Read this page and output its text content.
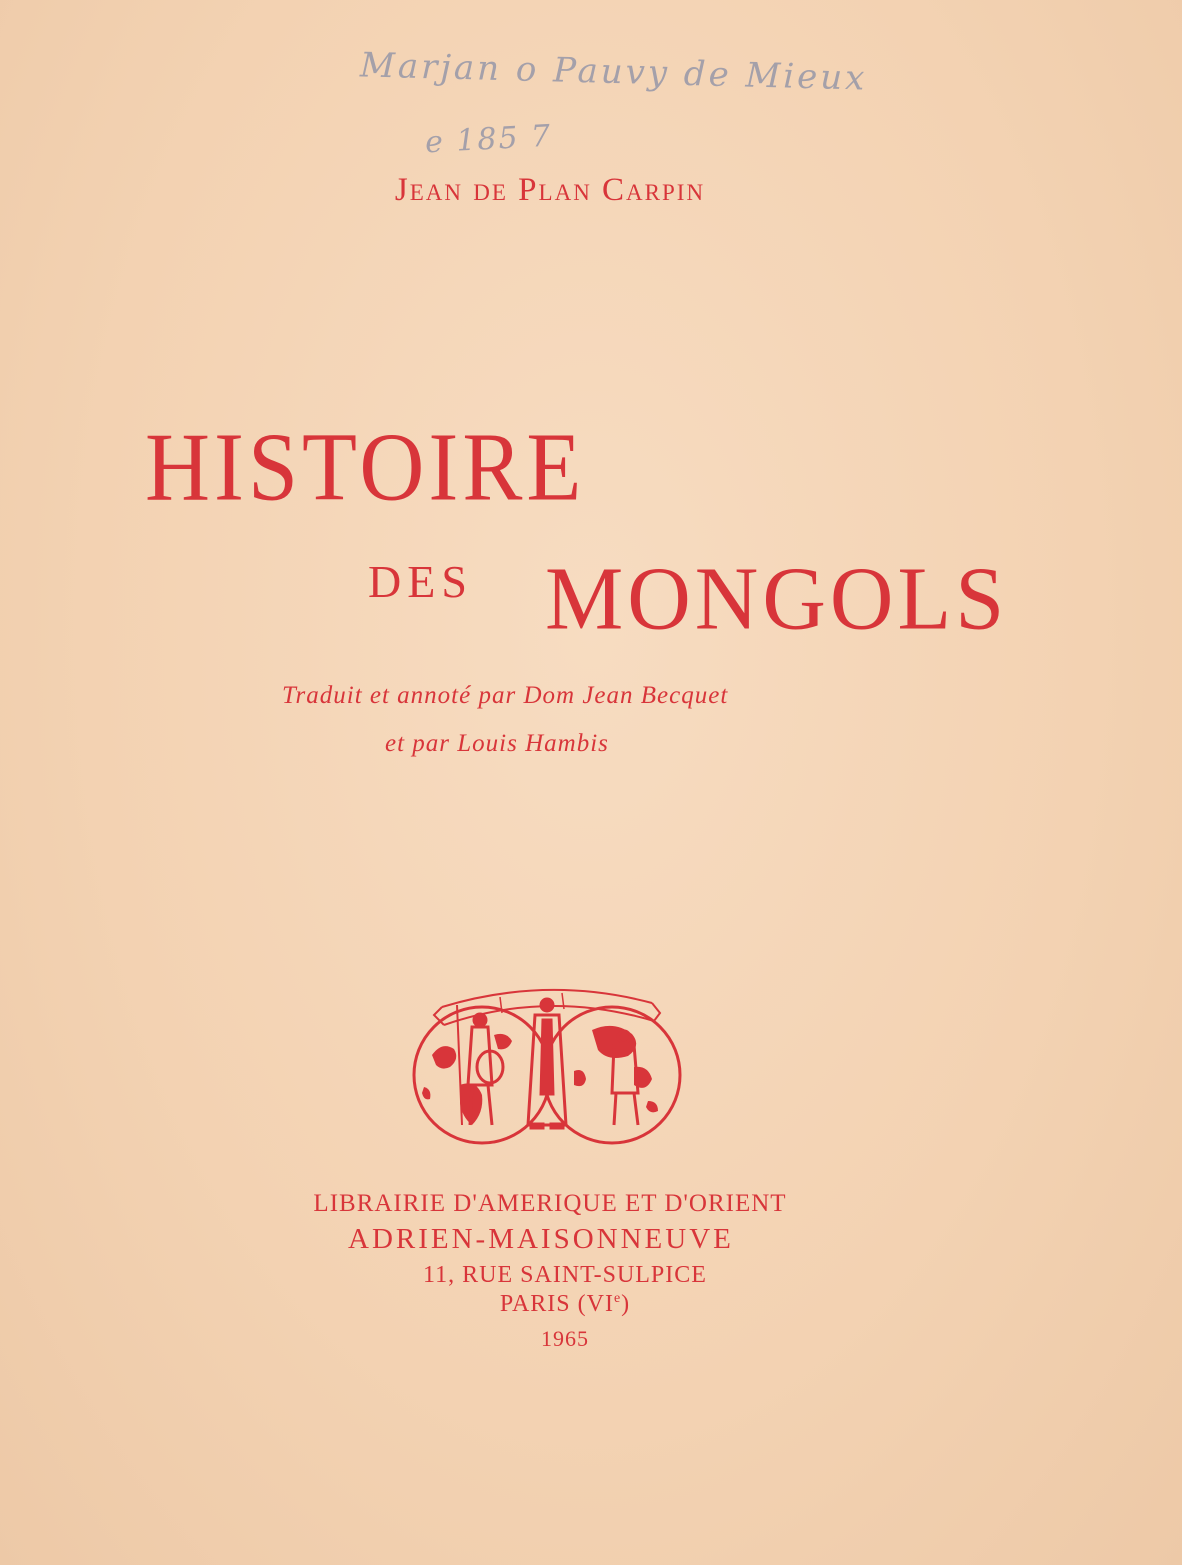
Marjan o Pauvy de Mieux
e 185 7
Jean de Plan Carpin
HISTOIRE
DES MONGOLS
Traduit et annoté par Dom Jean Becquet
et par Louis Hambis
LIBRAIRIE D'AMERIQUE ET D'ORIENT
ADRIEN-MAISONNEUVE
11, RUE SAINT-SULPICE
PARIS (VIe)
1965
